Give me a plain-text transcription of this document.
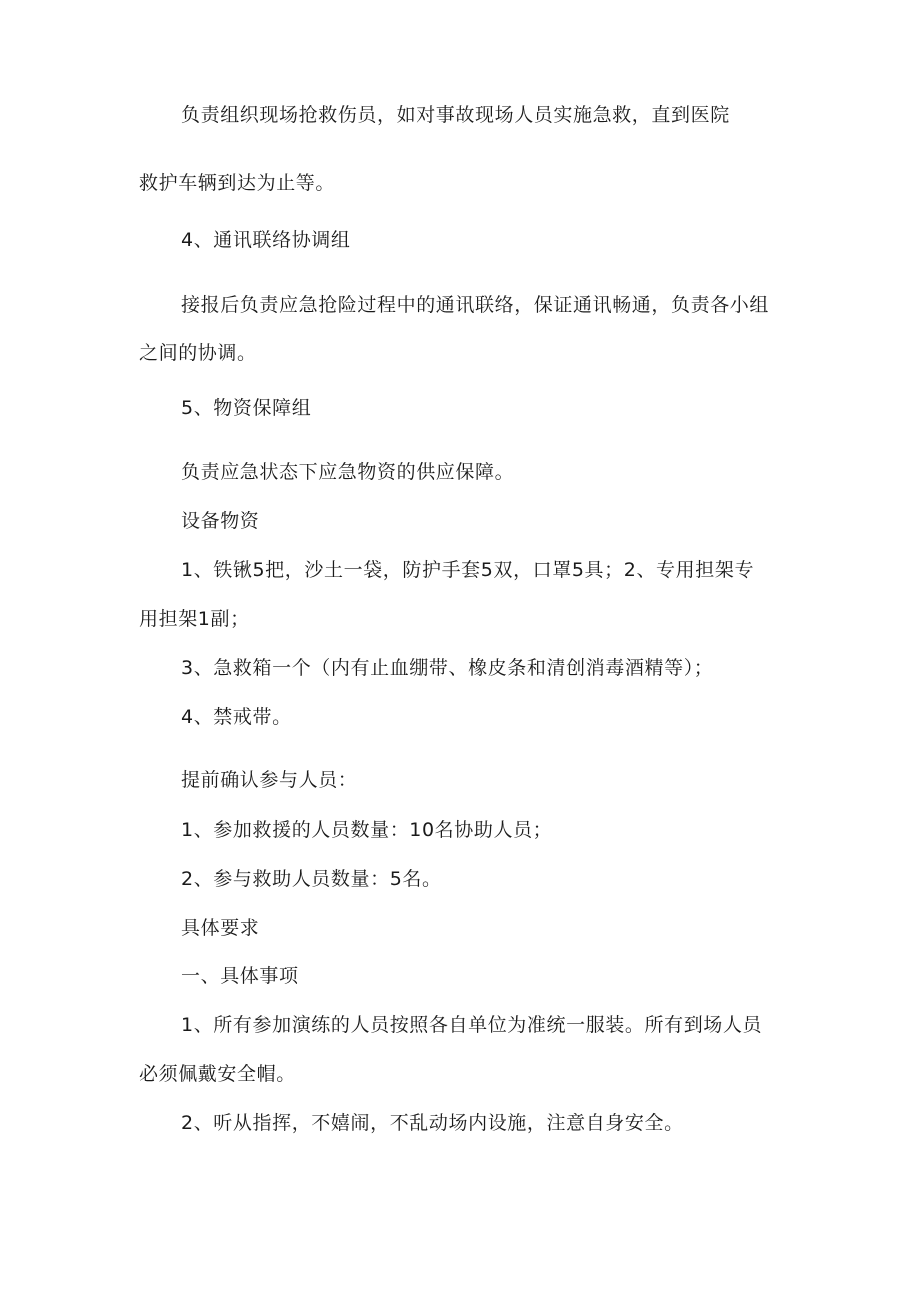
负责组织现场抢救伤员，如对事故现场人员实施急救，直到医院
救护车辆到达为止等。
4、通讯联络协调组
接报后负责应急抢险过程中的通讯联络，保证通讯畅通，负责各小组
之间的协调。
5、物资保障组
负责应急状态下应急物资的供应保障。
设备物资
1、铁锹5把，沙土一袋，防护手套5双，口罩5具；2、专用担架专
用担架1副；
3、急救箱一个（内有止血绷带、橡皮条和清创消毒酒精等）；
4、禁戒带。
提前确认参与人员：
1、参加救援的人员数量：10名协助人员；
2、参与救助人员数量：5名。
具体要求
一、具体事项
1、所有参加演练的人员按照各自单位为准统一服装。所有到场人员
必须佩戴安全帽。
2、听从指挥，不嬉闹，不乱动场内设施，注意自身安全。
